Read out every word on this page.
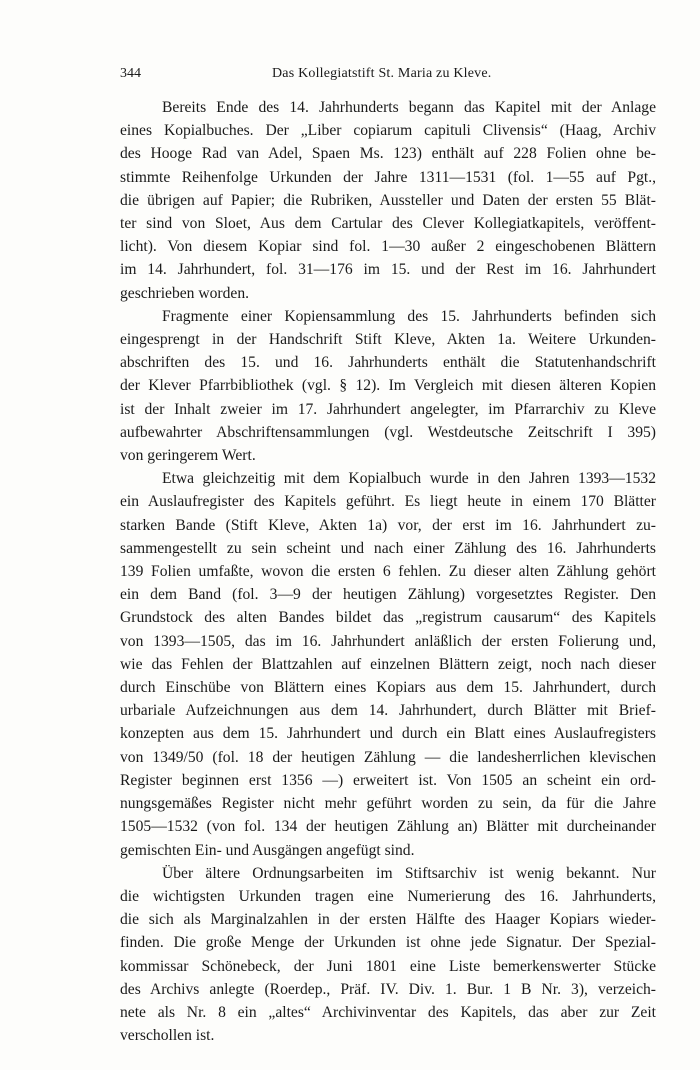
344	Das Kollegiatstift St. Maria zu Kleve.
Bereits Ende des 14. Jahrhunderts begann das Kapitel mit der Anlage
eines Kopialbuches. Der „Liber copiarum capituli Clivensis“ (Haag, Archiv
des Hooge Rad van Adel, Spaen Ms. 123) enthält auf 228 Folien ohne be-
stimmte Reihenfolge Urkunden der Jahre 1311—1531 (fol. 1—55 auf Pgt.,
die übrigen auf Papier; die Rubriken, Aussteller und Daten der ersten 55 Blät-
ter sind von Sloet, Aus dem Cartular des Clever Kollegiatkapitels, veröffent-
licht). Von diesem Kopiar sind fol. 1—30 außer 2 eingeschobenen Blättern
im 14. Jahrhundert, fol. 31—176 im 15. und der Rest im 16. Jahrhundert
geschrieben worden.
Fragmente einer Kopiensammlung des 15. Jahrhunderts befinden sich
eingesprengt in der Handschrift Stift Kleve, Akten 1a. Weitere Urkunden-
abschriften des 15. und 16. Jahrhunderts enthält die Statutenhandschrift
der Klever Pfarrbibliothek (vgl. § 12). Im Vergleich mit diesen älteren Kopien
ist der Inhalt zweier im 17. Jahrhundert angelegter, im Pfarrarchiv zu Kleve
aufbewahrter Abschriftensammlungen (vgl. Westdeutsche Zeitschrift I 395)
von geringerem Wert.
Etwa gleichzeitig mit dem Kopialbuch wurde in den Jahren 1393—1532
ein Auslaufregister des Kapitels geführt. Es liegt heute in einem 170 Blätter
starken Bande (Stift Kleve, Akten 1a) vor, der erst im 16. Jahrhundert zu-
sammengestellt zu sein scheint und nach einer Zählung des 16. Jahrhunderts
139 Folien umfaßte, wovon die ersten 6 fehlen. Zu dieser alten Zählung gehört
ein dem Band (fol. 3—9 der heutigen Zählung) vorgesetztes Register. Den
Grundstock des alten Bandes bildet das „registrum causarum“ des Kapitels
von 1393—1505, das im 16. Jahrhundert anläßlich der ersten Folierung und,
wie das Fehlen der Blattzahlen auf einzelnen Blättern zeigt, noch nach dieser
durch Einschübe von Blättern eines Kopiars aus dem 15. Jahrhundert, durch
urbariale Aufzeichnungen aus dem 14. Jahrhundert, durch Blätter mit Brief-
konzepten aus dem 15. Jahrhundert und durch ein Blatt eines Auslaufregisters
von 1349/50 (fol. 18 der heutigen Zählung — die landesherrlichen klevischen
Register beginnen erst 1356 —) erweitert ist. Von 1505 an scheint ein ord-
nungsgemäßes Register nicht mehr geführt worden zu sein, da für die Jahre
1505—1532 (von fol. 134 der heutigen Zählung an) Blätter mit durcheinander
gemischten Ein- und Ausgängen angefügt sind.
Über ältere Ordnungsarbeiten im Stiftsarchiv ist wenig bekannt. Nur
die wichtigsten Urkunden tragen eine Numerierung des 16. Jahrhunderts,
die sich als Marginalzahlen in der ersten Hälfte des Haager Kopiars wieder-
finden. Die große Menge der Urkunden ist ohne jede Signatur. Der Spezial-
kommissar Schönebeck, der Juni 1801 eine Liste bemerkenswerter Stücke
des Archivs anlegte (Roerdep., Präf. IV. Div. 1. Bur. 1 B Nr. 3), verzeich-
nete als Nr. 8 ein „altes“ Archivinventar des Kapitels, das aber zur Zeit
verschollen ist.
